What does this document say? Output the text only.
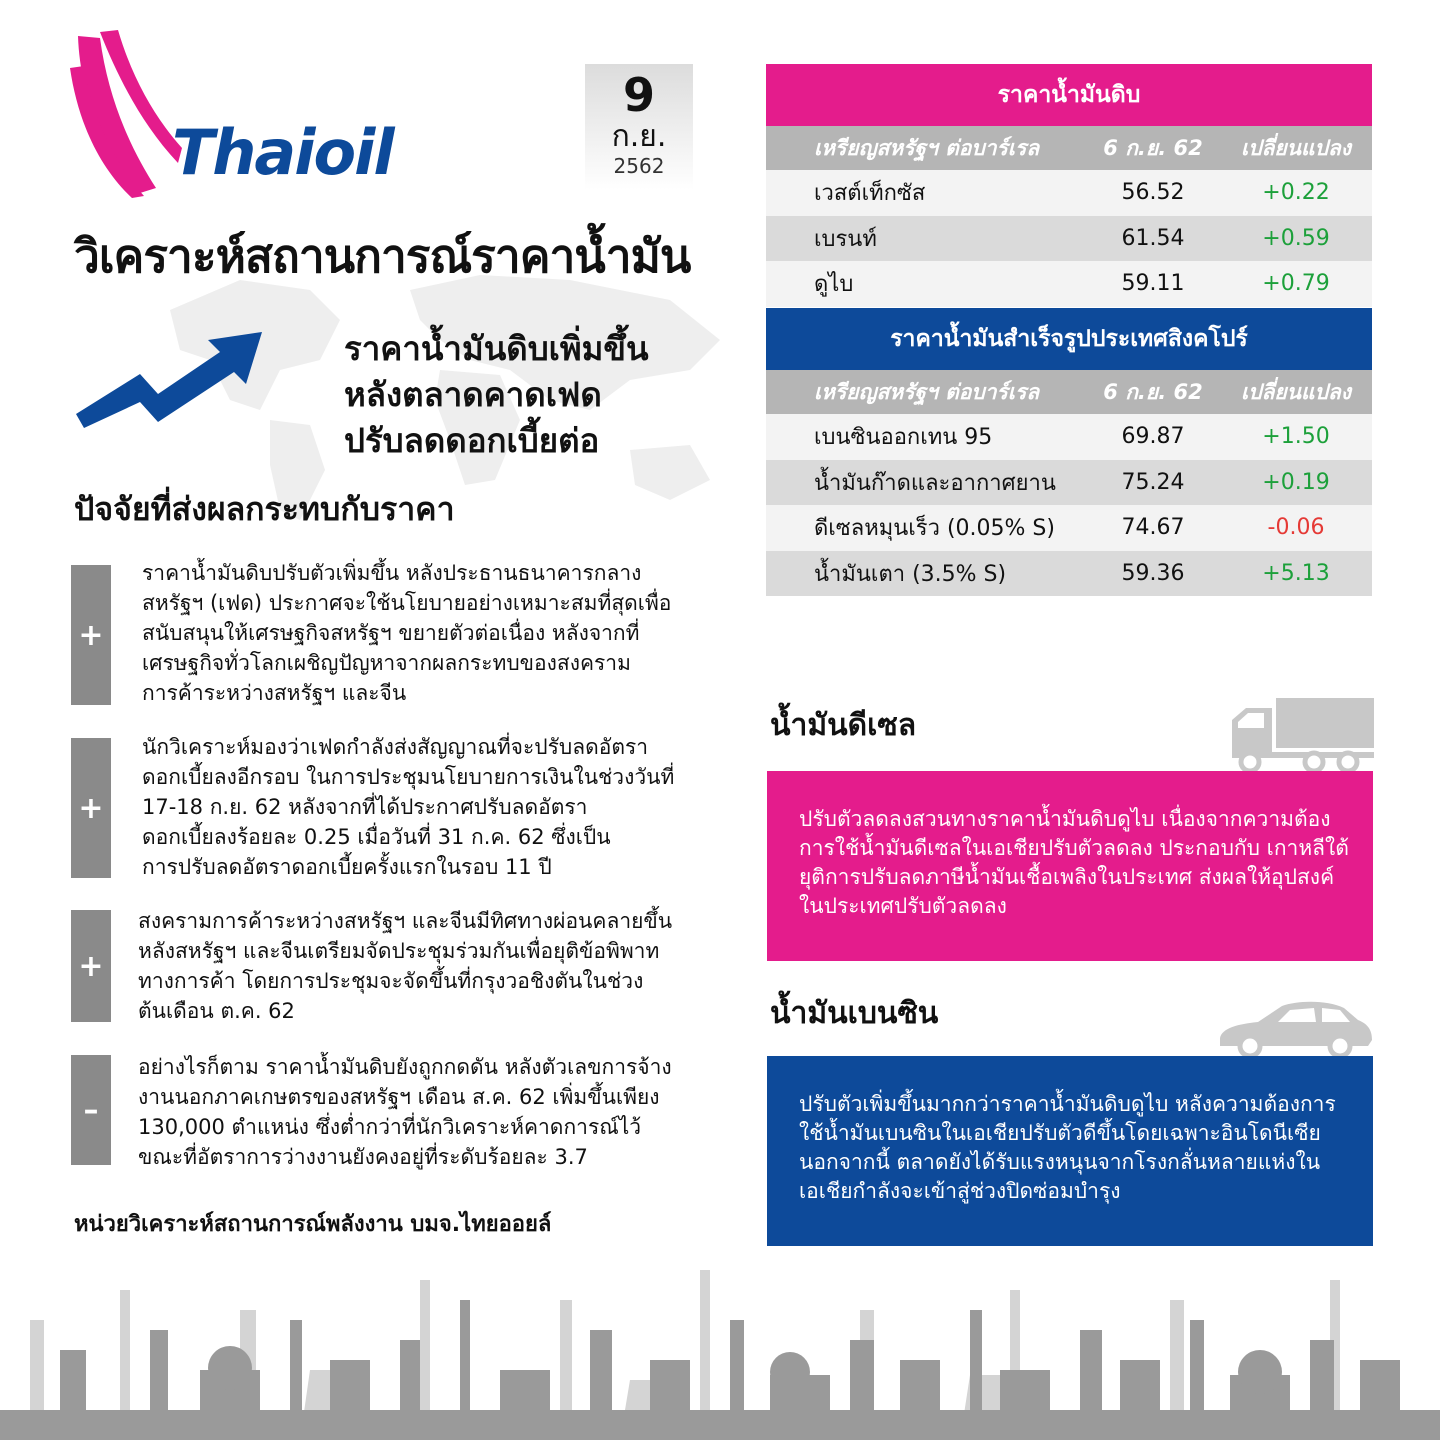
Thaioil
9
ก.ย.
2562
วิเคราะห์สถานการณ์ราคาน้ำมัน
ราคาน้ำมันดิบเพิ่มขึ้น
หลังตลาดคาดเฟด
ปรับลดดอกเบี้ยต่อ
ปัจจัยที่ส่งผลกระทบกับราคา
+
ราคาน้ำมันดิบปรับตัวเพิ่มขึ้น หลังประธานธนาคารกลาง
สหรัฐฯ (เฟด) ประกาศจะใช้นโยบายอย่างเหมาะสมที่สุดเพื่อ
สนับสนุนให้เศรษฐกิจสหรัฐฯ ขยายตัวต่อเนื่อง หลังจากที่
เศรษฐกิจทั่วโลกเผชิญปัญหาจากผลกระทบของสงคราม
การค้าระหว่างสหรัฐฯ และจีน
+
นักวิเคราะห์มองว่าเฟดกำลังส่งสัญญาณที่จะปรับลดอัตรา
ดอกเบี้ยลงอีกรอบ ในการประชุมนโยบายการเงินในช่วงวันที่
17-18 ก.ย. 62 หลังจากที่ได้ประกาศปรับลดอัตรา
ดอกเบี้ยลงร้อยละ 0.25 เมื่อวันที่ 31 ก.ค. 62 ซึ่งเป็น
การปรับลดอัตราดอกเบี้ยครั้งแรกในรอบ 11 ปี
+
สงครามการค้าระหว่างสหรัฐฯ และจีนมีทิศทางผ่อนคลายขึ้น
หลังสหรัฐฯ และจีนเตรียมจัดประชุมร่วมกันเพื่อยุติข้อพิพาท
ทางการค้า โดยการประชุมจะจัดขึ้นที่กรุงวอชิงตันในช่วง
ต้นเดือน ต.ค. 62
–
อย่างไรก็ตาม ราคาน้ำมันดิบยังถูกกดดัน หลังตัวเลขการจ้าง
งานนอกภาคเกษตรของสหรัฐฯ เดือน ส.ค. 62 เพิ่มขึ้นเพียง
130,000 ตำแหน่ง ซึ่งต่ำกว่าที่นักวิเคราะห์คาดการณ์ไว้
ขณะที่อัตราการว่างงานยังคงอยู่ที่ระดับร้อยละ 3.7
หน่วยวิเคราะห์สถานการณ์พลังงาน บมจ.ไทยออยล์
ราคาน้ำมันดิบ
เหรียญสหรัฐฯ ต่อบาร์เรล	6 ก.ย. 62	เปลี่ยนแปลง
เวสต์เท็กซัส	56.52	+0.22
เบรนท์	61.54	+0.59
ดูไบ	59.11	+0.79
ราคาน้ำมันสำเร็จรูปประเทศสิงคโปร์
เหรียญสหรัฐฯ ต่อบาร์เรล	6 ก.ย. 62	เปลี่ยนแปลง
เบนซินออกเทน 95	69.87	+1.50
น้ำมันก๊าดและอากาศยาน	75.24	+0.19
ดีเซลหมุนเร็ว (0.05% S)	74.67	-0.06
น้ำมันเตา (3.5% S)	59.36	+5.13
น้ำมันดีเซล
ปรับตัวลดลงสวนทางราคาน้ำมันดิบดูไบ เนื่องจากความต้อง
การใช้น้ำมันดีเซลในเอเชียปรับตัวลดลง ประกอบกับ เกาหลีใต้
ยุติการปรับลดภาษีน้ำมันเชื้อเพลิงในประเทศ ส่งผลให้อุปสงค์
ในประเทศปรับตัวลดลง
น้ำมันเบนซิน
ปรับตัวเพิ่มขึ้นมากกว่าราคาน้ำมันดิบดูไบ หลังความต้องการ
ใช้น้ำมันเบนซินในเอเชียปรับตัวดีขึ้นโดยเฉพาะอินโดนีเซีย
นอกจากนี้ ตลาดยังได้รับแรงหนุนจากโรงกลั่นหลายแห่งใน
เอเชียกำลังจะเข้าสู่ช่วงปิดซ่อมบำรุง
